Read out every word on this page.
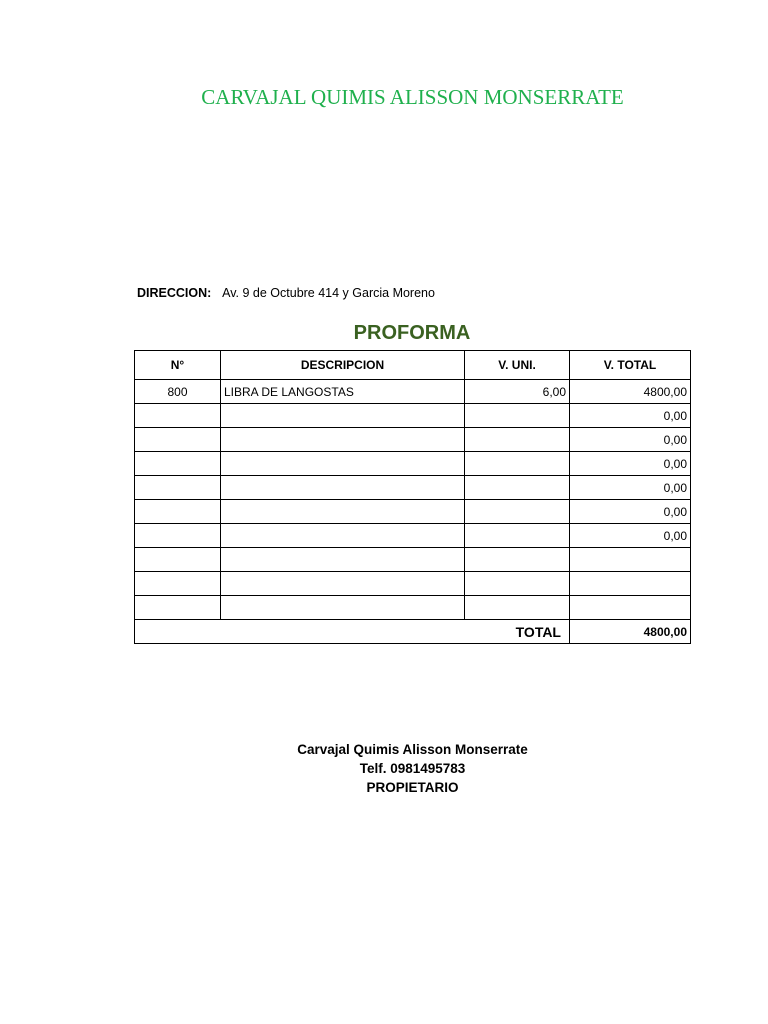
CARVAJAL QUIMIS ALISSON MONSERRATE
DIRECCION: Av. 9 de Octubre 414 y Garcia Moreno
PROFORMA
N°	DESCRIPCION	V. UNI.	V. TOTAL
800	LIBRA DE LANGOSTAS	6,00	4800,00
			0,00
			0,00
			0,00
			0,00
			0,00
			0,00

TOTAL			4800,00
Carvajal Quimis Alisson Monserrate
Telf. 0981495783
PROPIETARIO
